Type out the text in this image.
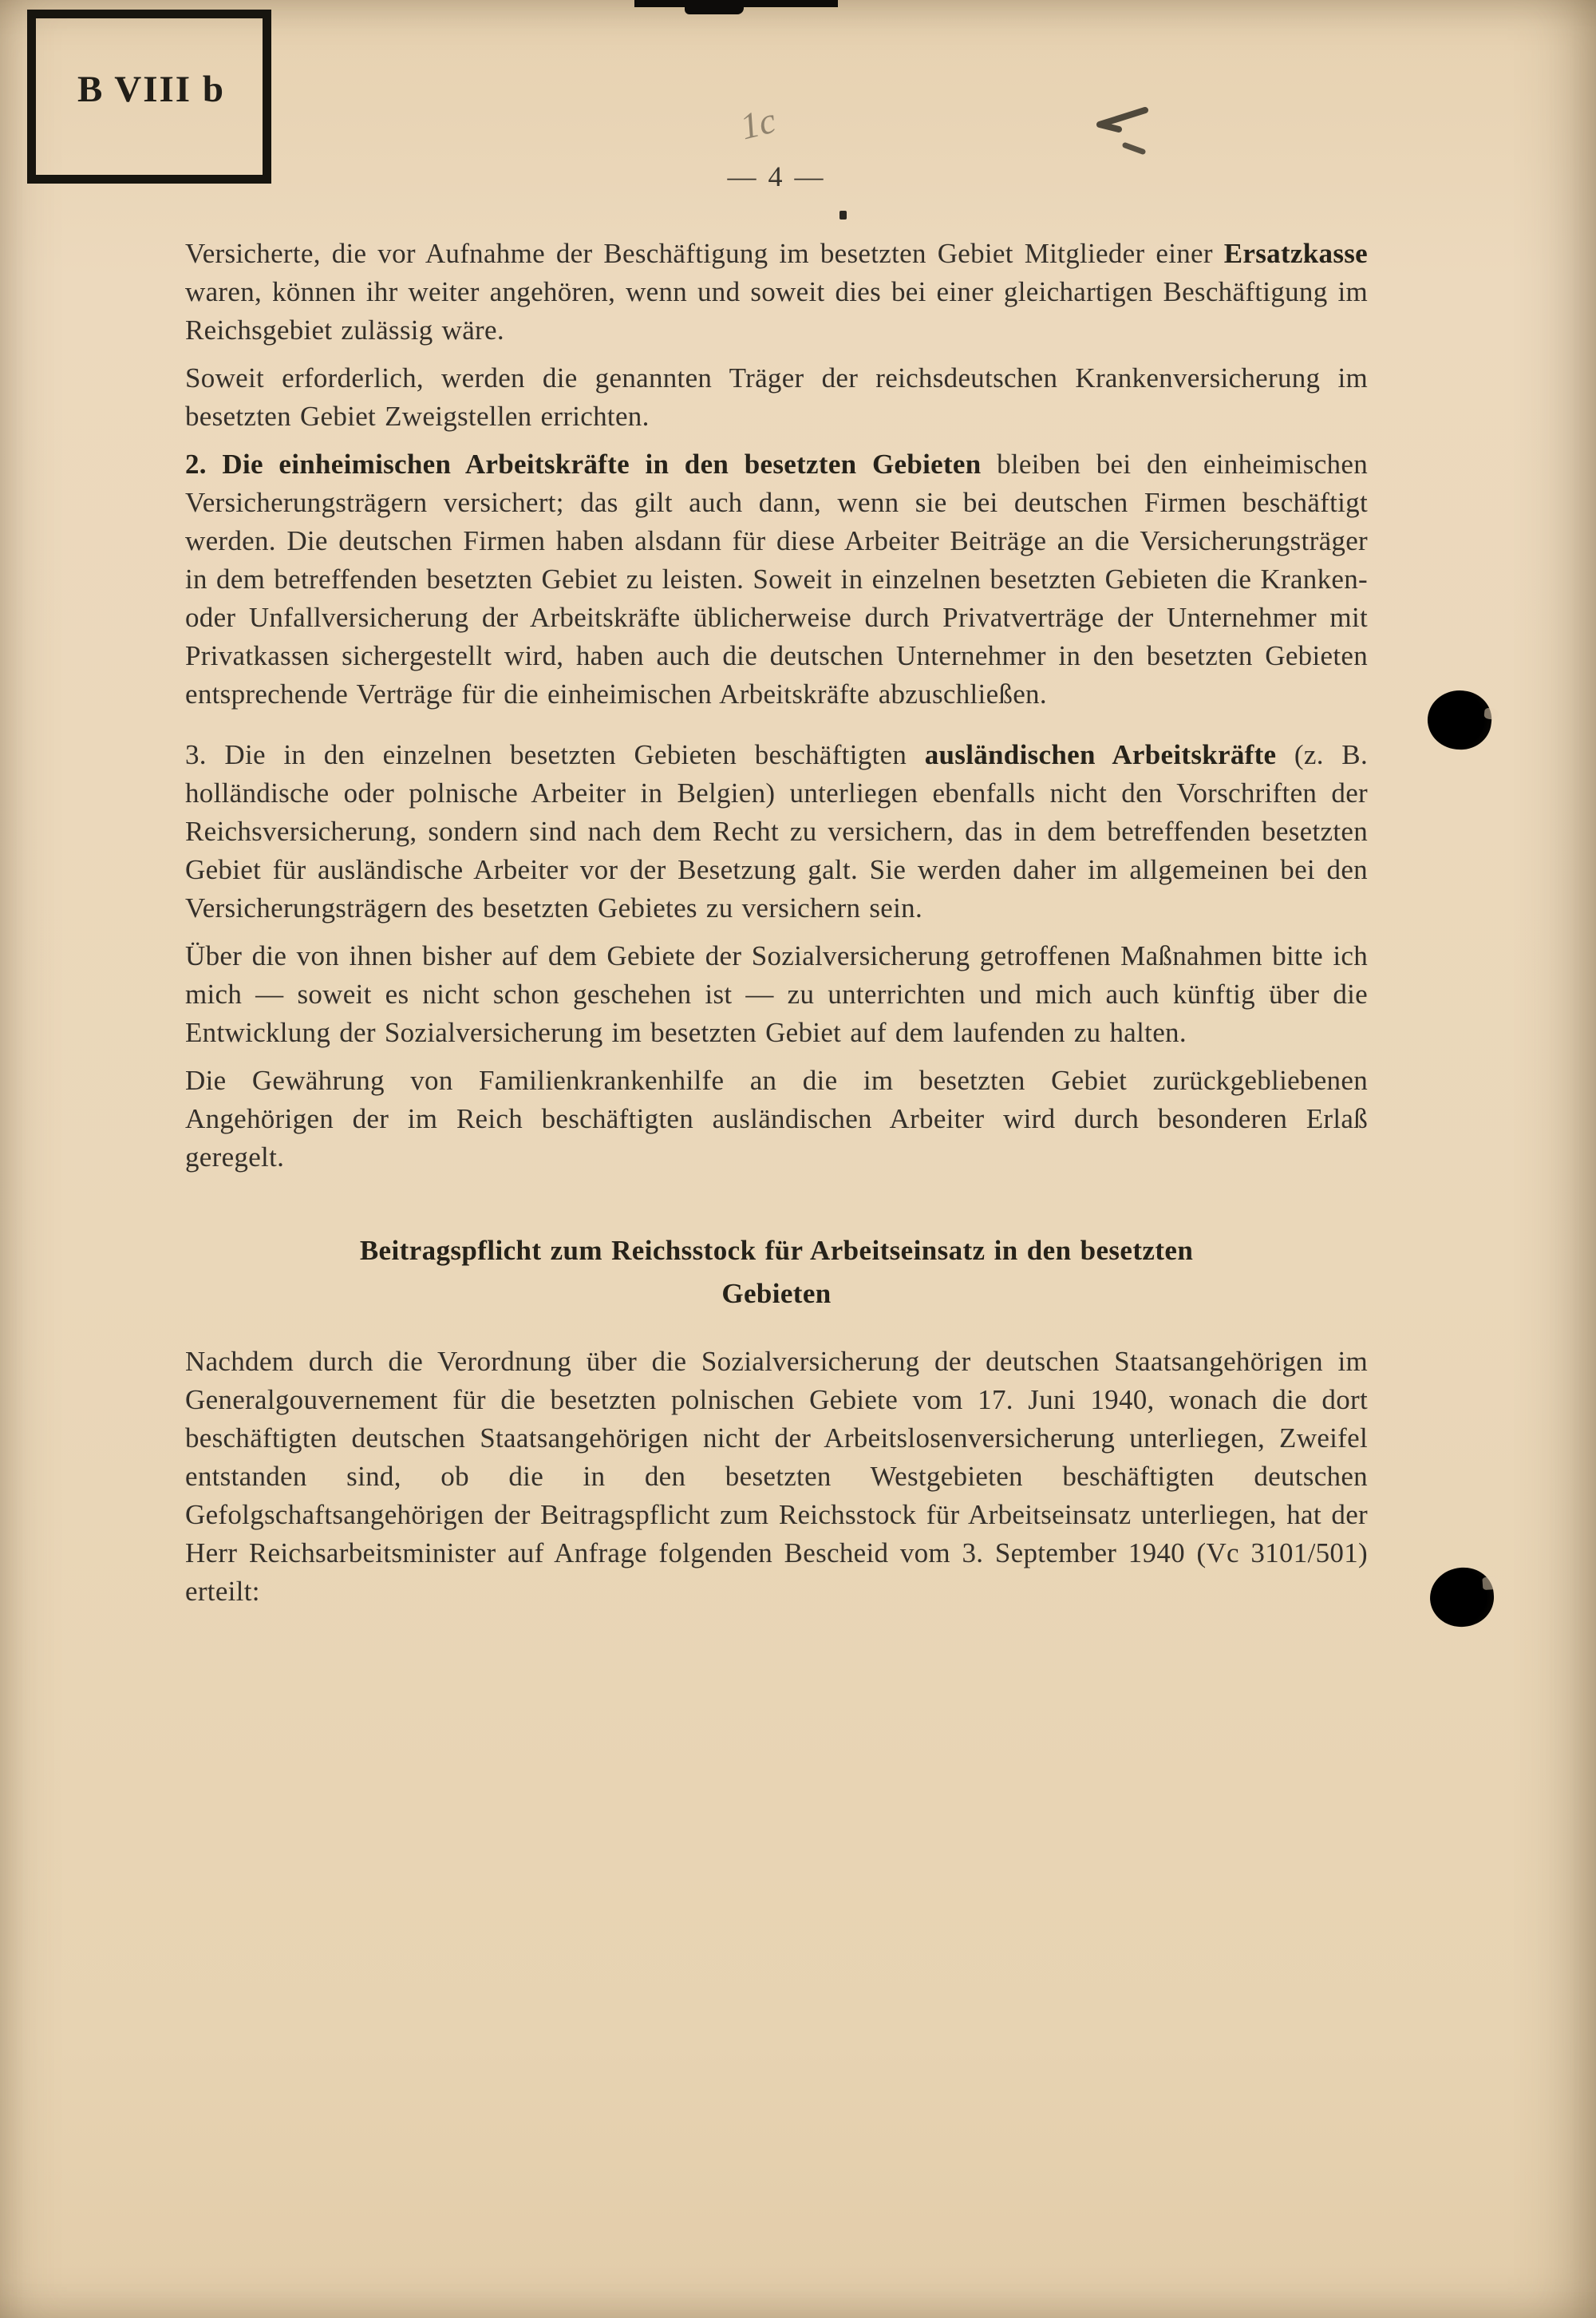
B VIII b
1c
— 4 —

Versicherte, die vor Aufnahme der Beschäftigung im besetzten Gebiet Mitglieder einer Ersatzkasse waren, können ihr weiter angehören, wenn und soweit dies bei einer gleichartigen Beschäftigung im Reichsgebiet zulässig wäre.

Soweit erforderlich, werden die genannten Träger der reichsdeutschen Krankenversicherung im besetzten Gebiet Zweigstellen errichten.

2. Die einheimischen Arbeitskräfte in den besetzten Gebieten bleiben bei den einheimischen Versicherungsträgern versichert; das gilt auch dann, wenn sie bei deutschen Firmen beschäftigt werden. Die deutschen Firmen haben alsdann für diese Arbeiter Beiträge an die Versicherungsträger in dem betreffenden besetzten Gebiet zu leisten. Soweit in einzelnen besetzten Gebieten die Kranken- oder Unfallversicherung der Arbeitskräfte üblicherweise durch Privatverträge der Unternehmer mit Privatkassen sichergestellt wird, haben auch die deutschen Unternehmer in den besetzten Gebieten entsprechende Verträge für die einheimischen Arbeitskräfte abzuschließen.

3. Die in den einzelnen besetzten Gebieten beschäftigten ausländischen Arbeitskräfte (z. B. holländische oder polnische Arbeiter in Belgien) unterliegen ebenfalls nicht den Vorschriften der Reichsversicherung, sondern sind nach dem Recht zu versichern, das in dem betreffenden besetzten Gebiet für ausländische Arbeiter vor der Besetzung galt. Sie werden daher im allgemeinen bei den Versicherungsträgern des besetzten Gebietes zu versichern sein.

Über die von ihnen bisher auf dem Gebiete der Sozialversicherung getroffenen Maßnahmen bitte ich mich — soweit es nicht schon geschehen ist — zu unterrichten und mich auch künftig über die Entwicklung der Sozialversicherung im besetzten Gebiet auf dem laufenden zu halten.

Die Gewährung von Familienkrankenhilfe an die im besetzten Gebiet zurückgebliebenen Angehörigen der im Reich beschäftigten ausländischen Arbeiter wird durch besonderen Erlaß geregelt.

Beitragspflicht zum Reichsstock für Arbeitseinsatz in den besetzten
Gebieten

Nachdem durch die Verordnung über die Sozialversicherung der deutschen Staatsangehörigen im Generalgouvernement für die besetzten polnischen Gebiete vom 17. Juni 1940, wonach die dort beschäftigten deutschen Staatsangehörigen nicht der Arbeitslosenversicherung unterliegen, Zweifel entstanden sind, ob die in den besetzten Westgebieten beschäftigten deutschen Gefolgschaftsangehörigen der Beitragspflicht zum Reichsstock für Arbeitseinsatz unterliegen, hat der Herr Reichsarbeitsminister auf Anfrage folgenden Bescheid vom 3. September 1940 (Vc 3101/501) erteilt:
